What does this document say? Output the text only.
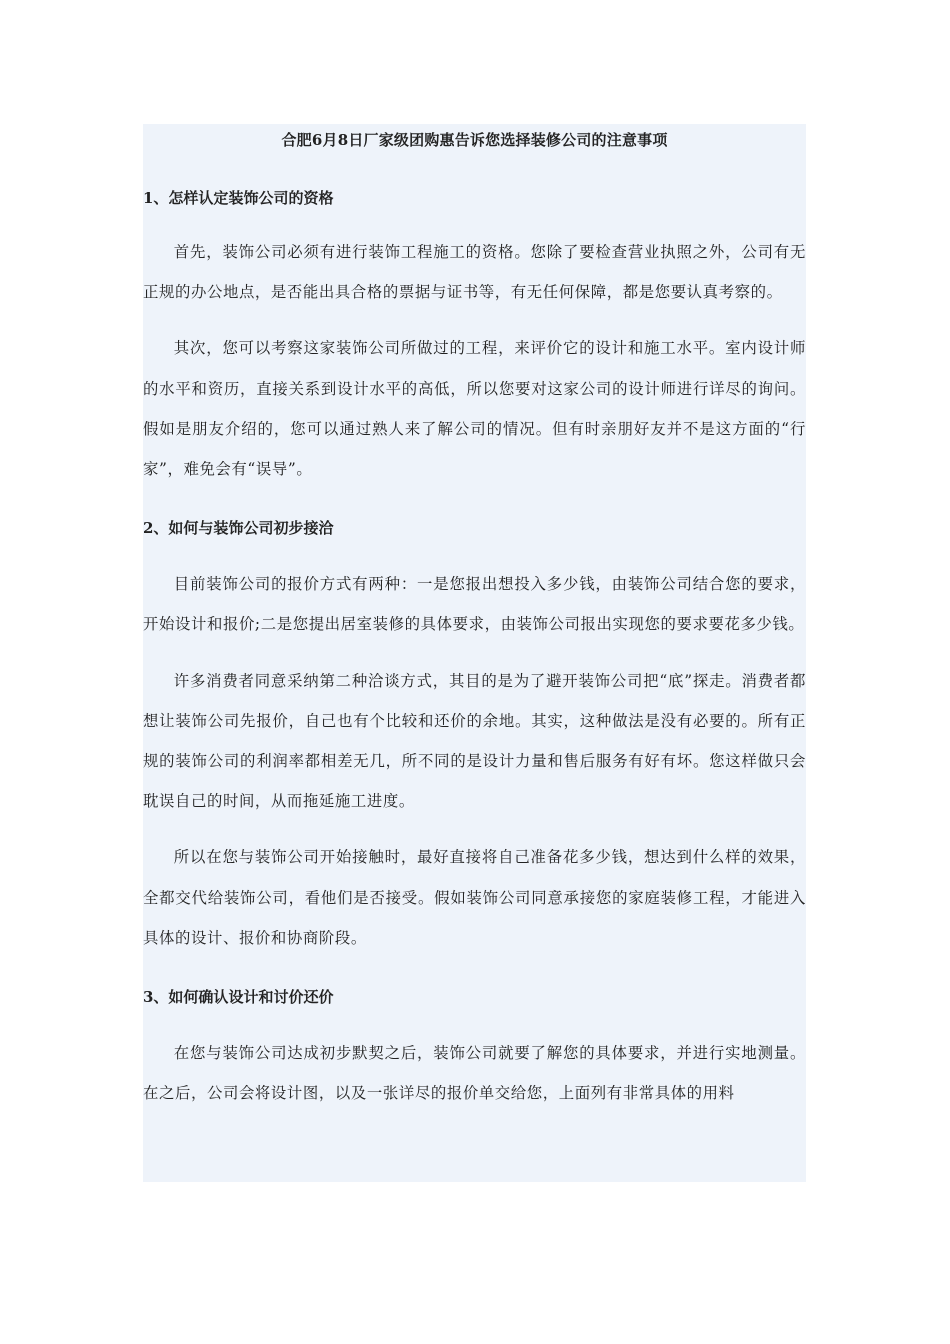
合肥6月8日厂家级团购惠告诉您选择装修公司的注意事项
1、怎样认定装饰公司的资格

首先，装饰公司必须有进行装饰工程施工的资格。您除了要检查营业执照之外，公司有无正规的办公地点，是否能出具合格的票据与证书等，有无任何保障，都是您要认真考察的。

其次，您可以考察这家装饰公司所做过的工程，来评价它的设计和施工水平。室内设计师的水平和资历，直接关系到设计水平的高低，所以您要对这家公司的设计师进行详尽的询问。假如是朋友介绍的，您可以通过熟人来了解公司的情况。但有时亲朋好友并不是这方面的“行家”，难免会有“误导”。

2、如何与装饰公司初步接洽

目前装饰公司的报价方式有两种：一是您报出想投入多少钱，由装饰公司结合您的要求，开始设计和报价;二是您提出居室装修的具体要求，由装饰公司报出实现您的要求要花多少钱。

许多消费者同意采纳第二种洽谈方式，其目的是为了避开装饰公司把“底”探走。消费者都想让装饰公司先报价，自己也有个比较和还价的余地。其实，这种做法是没有必要的。所有正规的装饰公司的利润率都相差无几，所不同的是设计力量和售后服务有好有坏。您这样做只会耽误自己的时间，从而拖延施工进度。

所以在您与装饰公司开始接触时，最好直接将自己准备花多少钱，想达到什么样的效果，全都交代给装饰公司，看他们是否接受。假如装饰公司同意承接您的家庭装修工程，才能进入具体的设计、报价和协商阶段。

3、如何确认设计和讨价还价

在您与装饰公司达成初步默契之后，装饰公司就要了解您的具体要求，并进行实地测量。在之后，公司会将设计图，以及一张详尽的报价单交给您，上面列有非常具体的用料
